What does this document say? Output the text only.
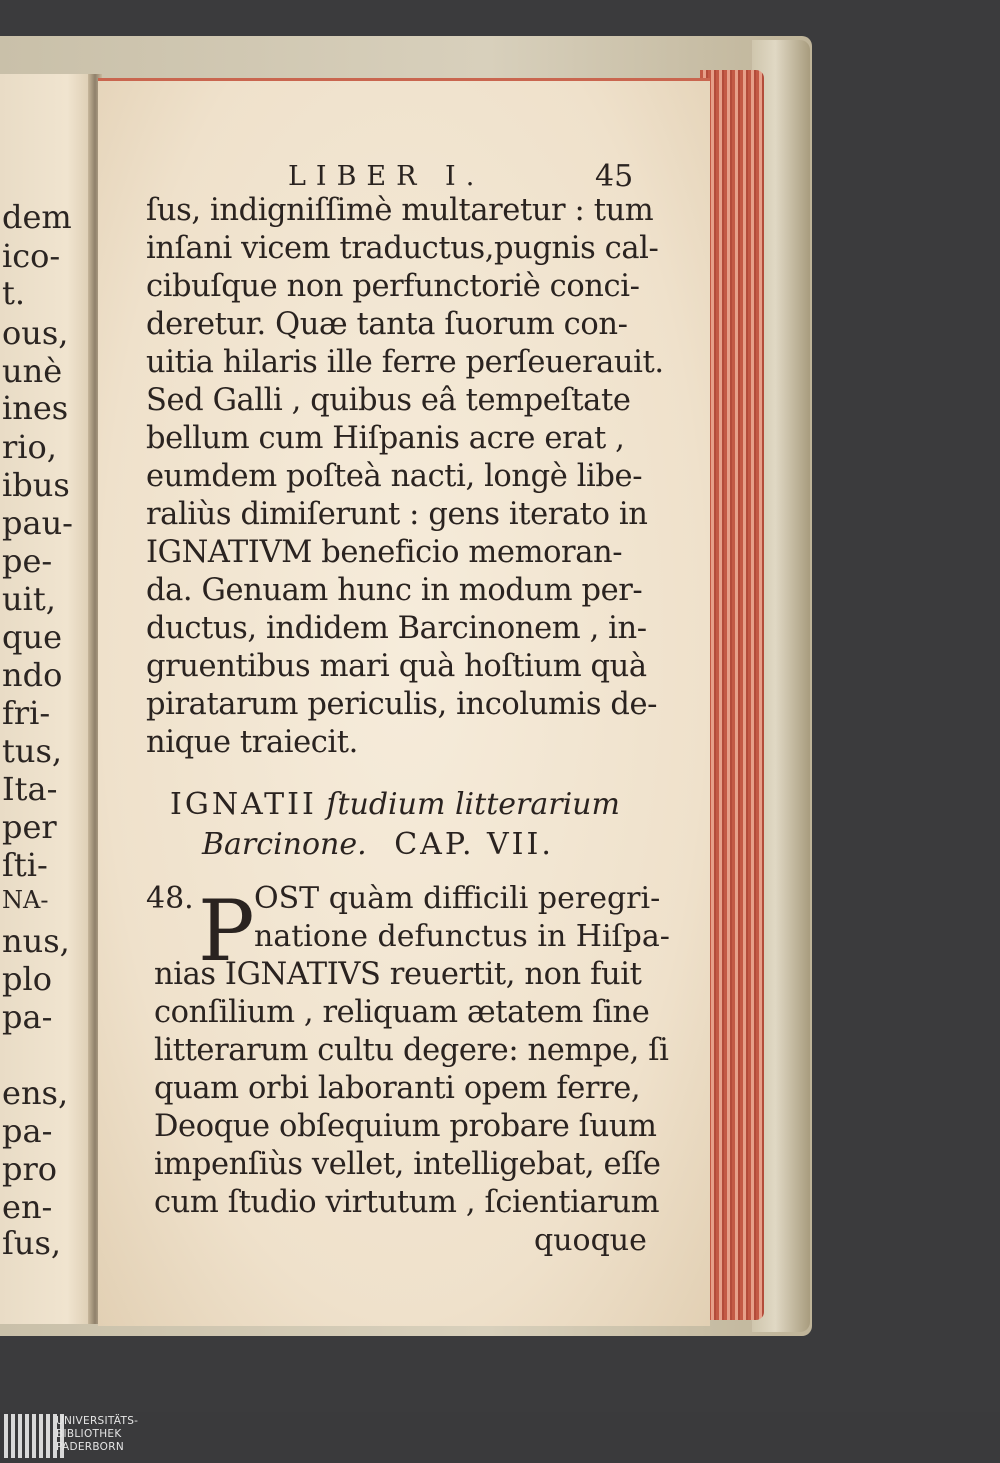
dem
ico-
t.
ous,
unè
ines
rio,
ibus
pau-
pe-
uit,
que
ndo
fri-
tus,
Ita-
per
ſti-
NA-
nus,
plo
pa-
ens,
pa-
pro
en-
ſus,
LIBER I.	45
ſus, indigniſſimè multaretur : tum
inſani vicem traductus,pugnis cal-
cibuſque non perfunctoriè conci-
deretur. Quæ tanta ſuorum con-
uitia hilaris ille ferre perſeuerauit.
Sed Galli , quibus eâ tempeſtate
bellum cum Hiſpanis acre erat ,
eumdem poſteà nacti, longè libe-
raliùs dimiſerunt : gens iterato in
IGNATIVM beneficio memoran-
da. Genuam hunc in modum per-
ductus, indidem Barcinonem , in-
gruentibus mari quà hoſtium quà
piratarum periculis, incolumis de-
nique traiecit.
IGNATII ſtudium litterarium
Barcinone. CAP. VII.
48. P OST quàm difficili peregri-
natione defunctus in Hiſpa-
nias IGNATIVS reuertit, non fuit
conſilium , reliquam ætatem ſine
litterarum cultu degere: nempe, ſi
quam orbi laboranti opem ferre,
Deoque obſequium probare ſuum
impenſiùs vellet, intelligebat, eſſe
cum ſtudio virtutum , ſcientiarum
quoque
UNIVERSITÄTS-
BIBLIOTHEK
PADERBORN
